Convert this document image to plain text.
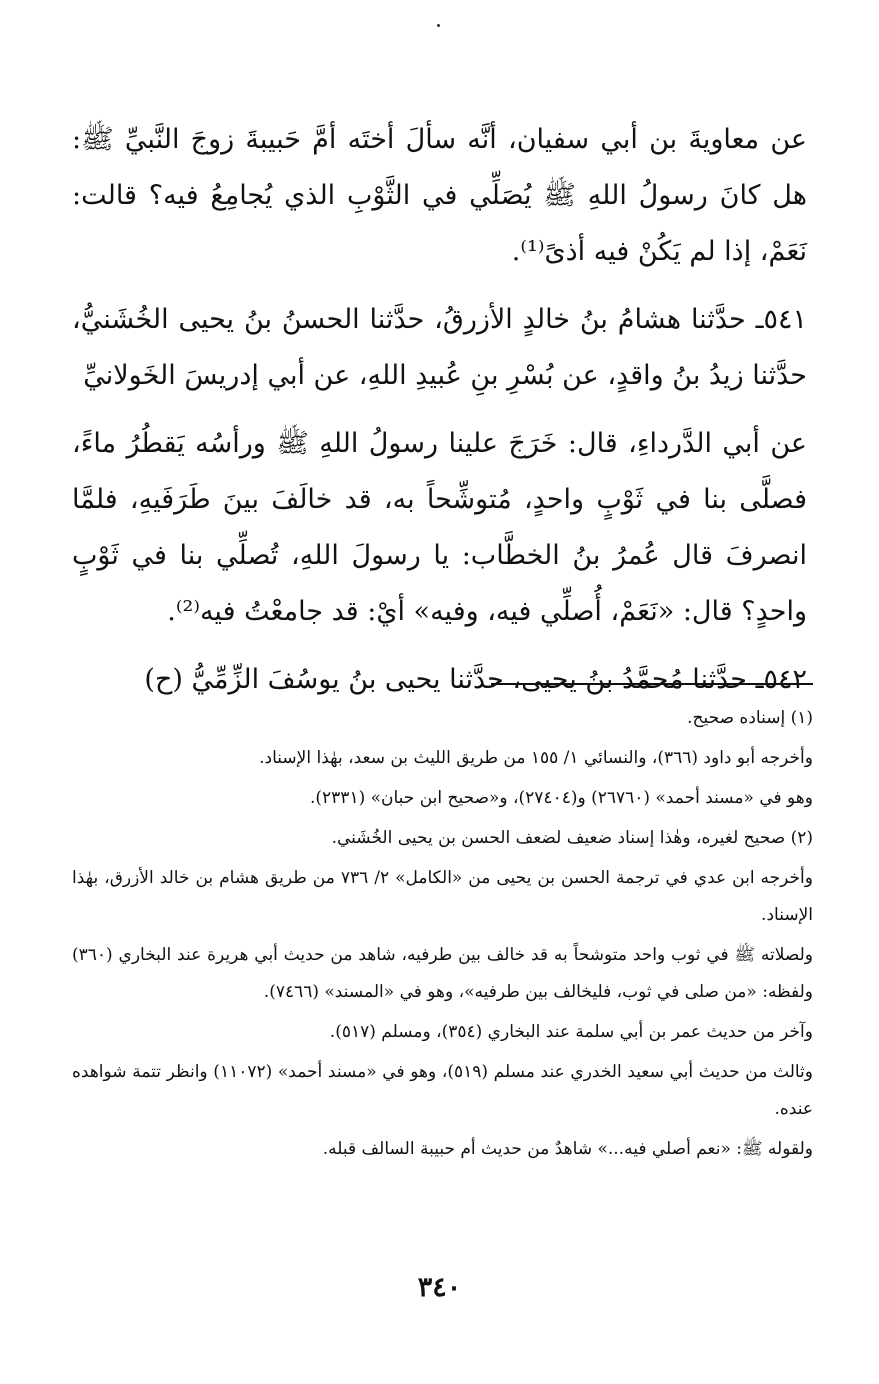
عن معاويةَ بن أبي سفيان، أنَّه سألَ أختَه أمَّ حَبيبةَ زوجَ النَّبيِّ ﷺ: هل كانَ رسولُ اللهِ ﷺ يُصَلِّي في الثَّوْبِ الذي يُجامِعُ فيه؟ قالت: نَعَمْ، إذا لم يَكُنْ فيه أذىً⁽¹⁾.

٥٤١ـ حدَّثنا هشامُ بنُ خالدٍ الأزرقُ، حدَّثنا الحسنُ بنُ يحيى الخُشَنيُّ، حدَّثنا زيدُ بنُ واقدٍ، عن بُسْرِ بنِ عُبيدِ اللهِ، عن أبي إدريسَ الخَولانيِّ

عن أبي الدَّرداءِ، قال: خَرَجَ علينا رسولُ اللهِ ﷺ ورأسُه يَقطُرُ ماءً، فصلَّى بنا في ثَوْبٍ واحدٍ، مُتوشِّحاً به، قد خالَفَ بينَ طَرَفَيهِ، فلمَّا انصرفَ قال عُمرُ بنُ الخطَّاب: يا رسولَ اللهِ، تُصلِّي بنا في ثَوْبٍ واحدٍ؟ قال: «نَعَمْ، أُصلِّي فيه، وفيه» أيْ: قد جامعْتُ فيه⁽²⁾.

٥٤٢ـ حدَّثنا مُحمَّدُ بنُ يحيى، حدَّثنا يحيى بنُ يوسُفَ الزِّمِّيُّ (ح)

(١) إسناده صحيح.

وأخرجه أبو داود (٣٦٦)، والنسائي ١/ ١٥٥ من طريق الليث بن سعد، بهٰذا الإسناد.

وهو في «مسند أحمد» (٢٦٧٦٠) و(٢٧٤٠٤)، و«صحيح ابن حبان» (٢٣٣١).

(٢) صحيح لغيره، وهٰذا إسناد ضعيف لضعف الحسن بن يحيى الخُشَني.

وأخرجه ابن عدي في ترجمة الحسن بن يحيى من «الكامل» ٢/ ٧٣٦ من طريق هشام بن خالد الأزرق، بهٰذا الإسناد.

ولصلاته ﷺ في ثوب واحد متوشحاً به قد خالف بين طرفيه، شاهد من حديث أبي هريرة عند البخاري (٣٦٠) ولفظه: «من صلى في ثوب، فليخالف بين طرفيه»، وهو في «المسند» (٧٤٦٦).

وآخر من حديث عمر بن أبي سلمة عند البخاري (٣٥٤)، ومسلم (٥١٧).

وثالث من حديث أبي سعيد الخدري عند مسلم (٥١٩)، وهو في «مسند أحمد» (١١٠٧٢) وانظر تتمة شواهده عنده.

ولقوله ﷺ: «نعم أصلي فيه...» شاهدٌ من حديث أم حبيبة السالف قبله.

٣٤٠
